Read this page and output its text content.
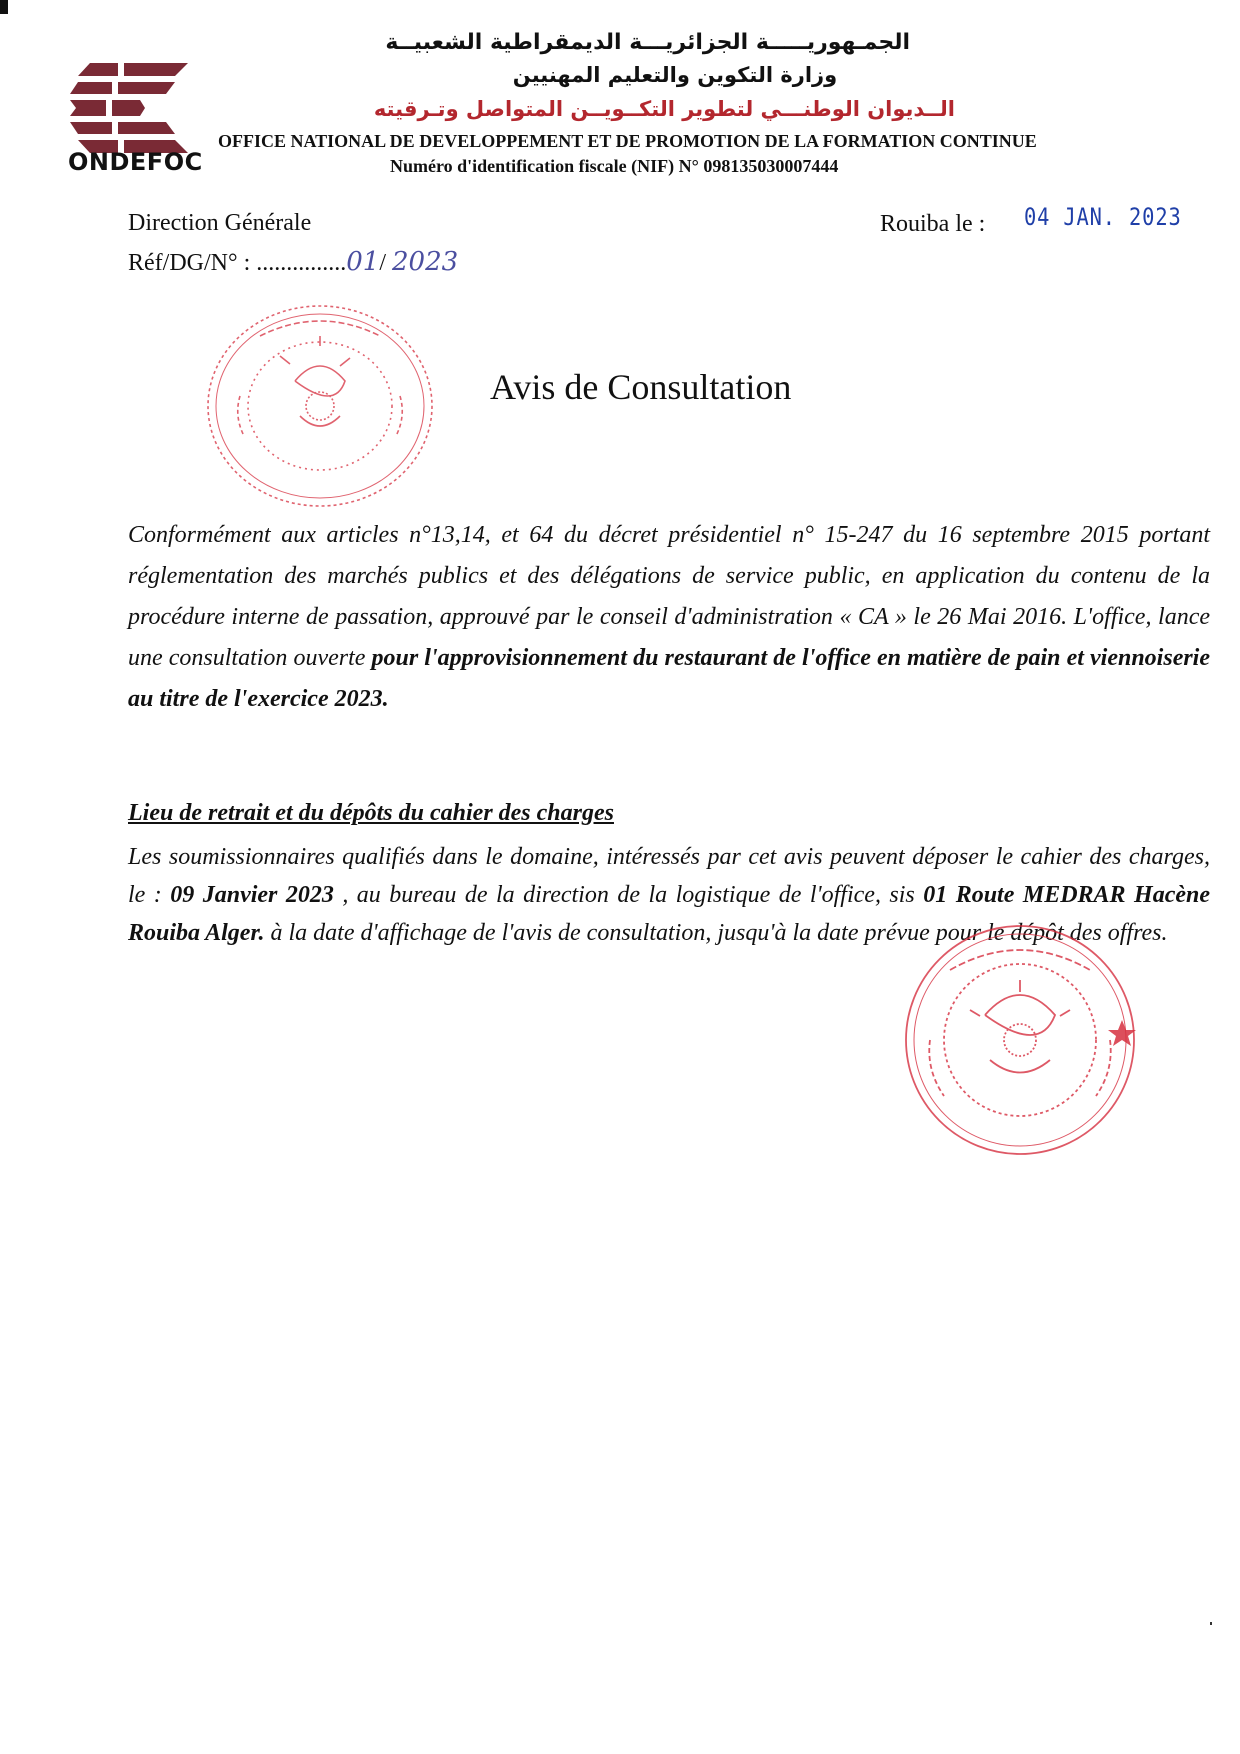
ONDEFOC
الجمـهوريـــــة الجزائريـــة الديمقراطية الشعبيــة
وزارة التكوين والتعليم المهنيين
الــديوان الوطنـــي لتطوير التكــويــن المتواصل وتـرقيته
OFFICE NATIONAL DE DEVELOPPEMENT ET DE PROMOTION DE LA FORMATION CONTINUE
Numéro d'identification fiscale (NIF) N° 098135030007444
Direction Générale
Réf/DG/N° : ...............01/ 2023
Rouiba le : 04 JAN. 2023
Avis de Consultation
Conformément aux articles n°13,14, et 64 du décret présidentiel n° 15-247 du 16 septembre 2015 portant réglementation des marchés publics et des délégations de service public, en application du contenu de la procédure interne de passation, approuvé par le conseil d'administration « CA » le 26 Mai 2016. L'office, lance une consultation ouverte pour l'approvisionnement du restaurant de l'office en matière de pain et viennoiserie au titre de l'exercice 2023.
Lieu de retrait et du dépôts du cahier des charges
Les soumissionnaires qualifiés dans le domaine, intéressés par cet avis peuvent déposer le cahier des charges, le : 09 Janvier 2023 , au bureau de la direction de la logistique de l'office, sis 01 Route MEDRAR Hacène Rouiba Alger. à la date d'affichage de l'avis de consultation, jusqu'à la date prévue pour le dépôt des offres.
